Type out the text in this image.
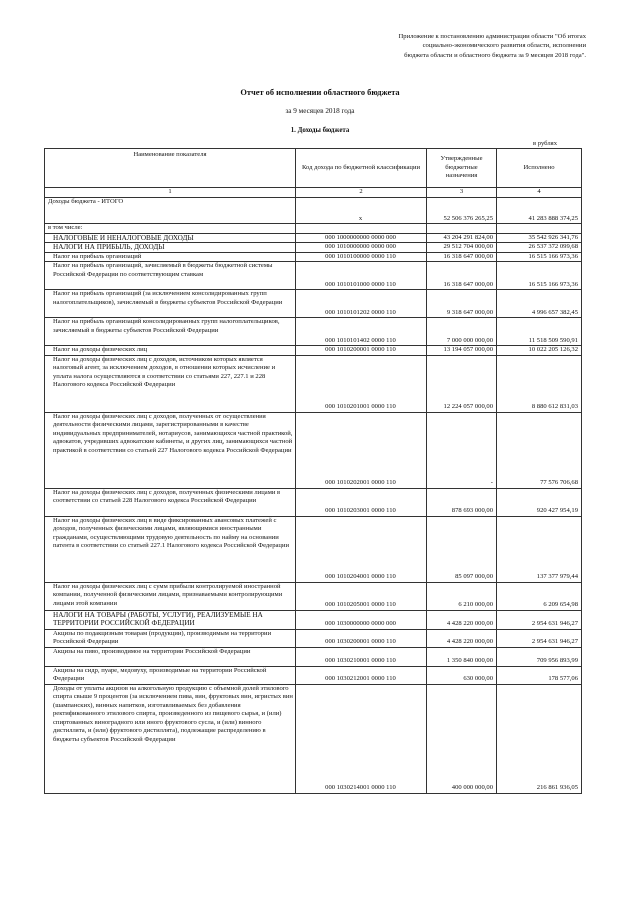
Приложение к постановлению администрации области "Об итогах социально-экономического развития области, исполнении бюджета области и областного бюджета за 9 месяцев 2018 года".
Отчет об исполнении областного бюджета
за 9 месяцев 2018 года
1. Доходы бюджета
в рублях
Наименование показателя	Код дохода по бюджетной классификации	Утвержденные бюджетные назначения	Исполнено
1	2	3	4
Доходы бюджета - ИТОГО	х	52 506 376 265,25	41 283 888 374,25
в том числе:			
НАЛОГОВЫЕ И НЕНАЛОГОВЫЕ ДОХОДЫ	000 1000000000 0000 000	43 204 291 824,00	35 542 926 341,76
НАЛОГИ НА ПРИБЫЛЬ, ДОХОДЫ	000 1010000000 0000 000	29 512 704 000,00	26 537 372 099,68
Налог на прибыль организаций	000 1010100000 0000 110	16 318 647 000,00	16 515 166 973,36
Налог на прибыль организаций, зачисляемый в бюджеты бюджетной системы Российской Федерации по соответствующим ставкам	000 1010101000 0000 110	16 318 647 000,00	16 515 166 973,36
Налог на прибыль организаций (за исключением консолидированных групп налогоплательщиков), зачисляемый в бюджеты субъектов Российской Федерации	000 1010101202 0000 110	9 318 647 000,00	4 996 657 382,45
Налог на прибыль организаций консолидированных групп налогоплательщиков, зачисляемый в бюджеты субъектов Российской Федерации	000 1010101402 0000 110	7 000 000 000,00	11 518 509 590,91
Налог на доходы физических лиц	000 1010200001 0000 110	13 194 057 000,00	10 022 205 126,32
Налог на доходы физических лиц с доходов, источником которых является налоговый агент, за исключением доходов, в отношении которых исчисление и уплата налога осуществляются в соответствии со статьями 227, 227.1 и 228 Налогового кодекса Российской Федерации	000 1010201001 0000 110	12 224 057 000,00	8 880 612 831,03
Налог на доходы физических лиц с доходов, полученных от осуществления деятельности физическими лицами, зарегистрированными в качестве индивидуальных предпринимателей, нотариусов, занимающихся частной практикой, адвокатов, учредивших адвокатские кабинеты, и других лиц, занимающихся частной практикой в соответствии со статьей 227 Налогового кодекса Российской Федерации	000 1010202001 0000 110	-	77 576 706,68
Налог на доходы физических лиц с доходов, полученных физическими лицами в соответствии со статьей 228 Налогового кодекса Российской Федерации	000 1010203001 0000 110	878 693 000,00	920 427 954,19
Налог на доходы физических лиц в виде фиксированных авансовых платежей с доходов, полученных физическими лицами, являющимися иностранными гражданами, осуществляющими трудовую деятельность по найму на основании патента в соответствии со статьей 227.1 Налогового кодекса Российской Федерации	000 1010204001 0000 110	85 097 000,00	137 377 979,44
Налог на доходы физических лиц с сумм прибыли контролируемой иностранной компании, полученной физическими лицами, признаваемыми контролирующими лицами этой компании	000 1010205001 0000 110	6 210 000,00	6 209 654,98
НАЛОГИ НА ТОВАРЫ (РАБОТЫ, УСЛУГИ), РЕАЛИЗУЕМЫЕ НА ТЕРРИТОРИИ РОССИЙСКОЙ ФЕДЕРАЦИИ	000 1030000000 0000 000	4 428 220 000,00	2 954 631 946,27
Акцизы по подакцизным товарам (продукции), производимым на территории Российской Федерации	000 1030200001 0000 110	4 428 220 000,00	2 954 631 946,27
Акцизы на пиво, производимое на территории Российской Федерации	000 1030210001 0000 110	1 350 840 000,00	709 956 893,99
Акцизы на сидр, пуаре, медовуху, производимые на территории Российской Федерации	000 1030212001 0000 110	630 000,00	178 577,06
Доходы от уплаты акцизов на алкогольную продукцию с объемной долей этилового спирта свыше 9 процентов (за исключением пива, вин, фруктовых вин, игристых вин (шампанских), винных напитков, изготавливаемых без добавления ректификованного этилового спирта, произведенного из пищевого сырья, и (или) спиртованных виноградного или иного фруктового сусла, и (или) винного дистиллята, и (или) фруктового дистиллята), подлежащие распределению в бюджеты субъектов Российской Федерации	000 1030214001 0000 110	400 000 000,00	216 861 936,05
